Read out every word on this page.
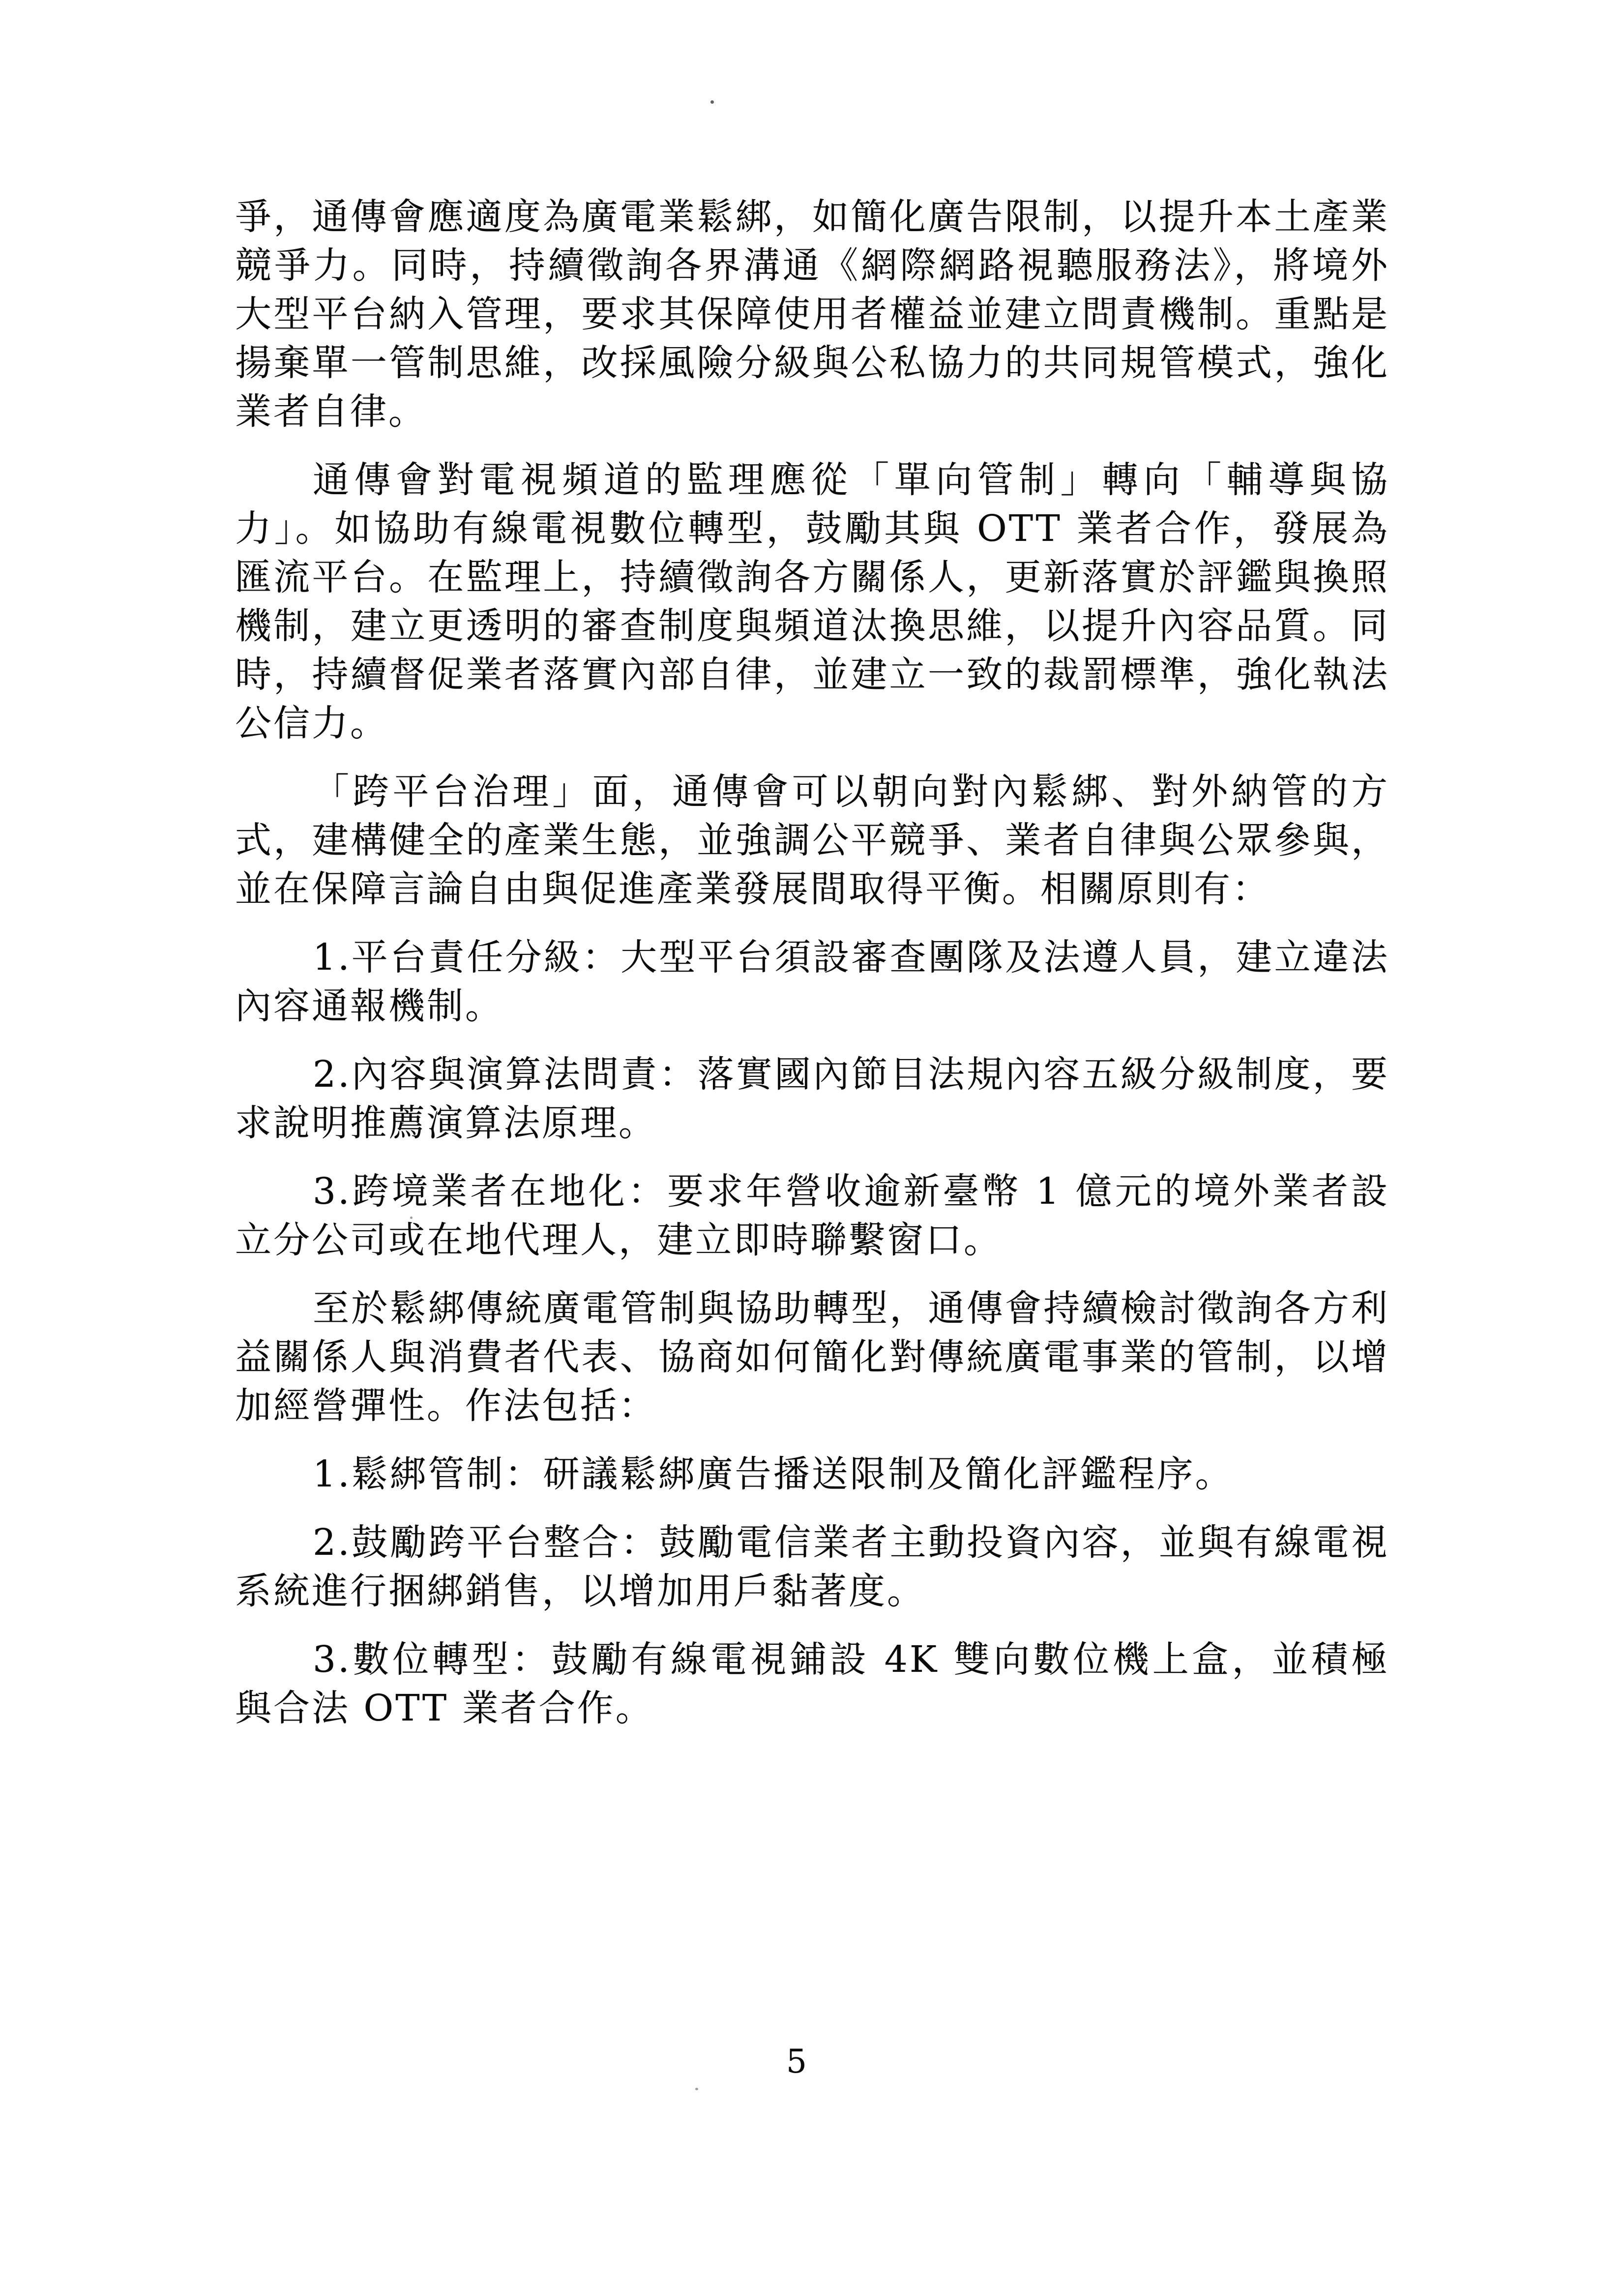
爭，通傳會應適度為廣電業鬆綁，如簡化廣告限制，以提升本土產業競爭力。同時，持續徵詢各界溝通《網際網路視聽服務法》，將境外大型平台納入管理，要求其保障使用者權益並建立問責機制。重點是揚棄單一管制思維，改採風險分級與公私協力的共同規管模式，強化業者自律。

通傳會對電視頻道的監理應從「單向管制」轉向「輔導與協力」。如協助有線電視數位轉型，鼓勵其與 OTT 業者合作，發展為匯流平台。在監理上，持續徵詢各方關係人，更新落實於評鑑與換照機制，建立更透明的審查制度與頻道汰換思維，以提升內容品質。同時，持續督促業者落實內部自律，並建立一致的裁罰標準，強化執法公信力。

「跨平台治理」面，通傳會可以朝向對內鬆綁、對外納管的方式，建構健全的產業生態，並強調公平競爭、業者自律與公眾參與，並在保障言論自由與促進產業發展間取得平衡。相關原則有：

1.平台責任分級：大型平台須設審查團隊及法遵人員，建立違法內容通報機制。

2.內容與演算法問責：落實國內節目法規內容五級分級制度，要求說明推薦演算法原理。

3.跨境業者在地化：要求年營收逾新臺幣 1 億元的境外業者設立分公司或在地代理人，建立即時聯繫窗口。

至於鬆綁傳統廣電管制與協助轉型，通傳會持續檢討徵詢各方利益關係人與消費者代表、協商如何簡化對傳統廣電事業的管制，以增加經營彈性。作法包括：

1.鬆綁管制：研議鬆綁廣告播送限制及簡化評鑑程序。

2.鼓勵跨平台整合：鼓勵電信業者主動投資內容，並與有線電視系統進行捆綁銷售，以增加用戶黏著度。

3.數位轉型：鼓勵有線電視鋪設 4K 雙向數位機上盒，並積極與合法 OTT 業者合作。

5
